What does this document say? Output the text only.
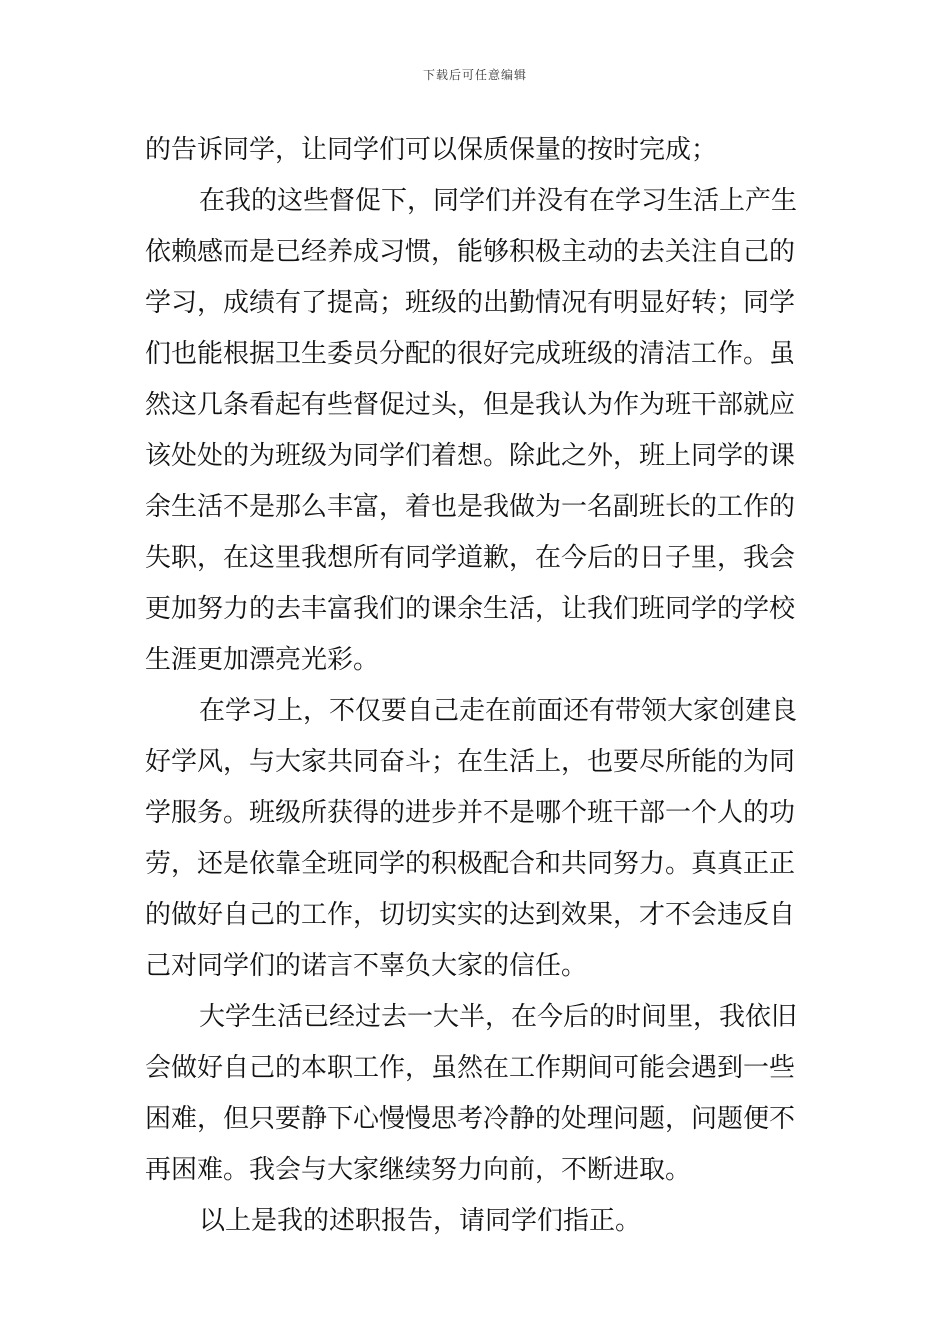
下载后可任意编辑
的告诉同学，让同学们可以保质保量的按时完成；
在我的这些督促下，同学们并没有在学习生活上产生
依赖感而是已经养成习惯，能够积极主动的去关注自己的
学习，成绩有了提高；班级的出勤情况有明显好转；同学
们也能根据卫生委员分配的很好完成班级的清洁工作。虽
然这几条看起有些督促过头，但是我认为作为班干部就应
该处处的为班级为同学们着想。除此之外，班上同学的课
余生活不是那么丰富，着也是我做为一名副班长的工作的
失职，在这里我想所有同学道歉，在今后的日子里，我会
更加努力的去丰富我们的课余生活，让我们班同学的学校
生涯更加漂亮光彩。
在学习上，不仅要自己走在前面还有带领大家创建良
好学风，与大家共同奋斗；在生活上，也要尽所能的为同
学服务。班级所获得的进步并不是哪个班干部一个人的功
劳，还是依靠全班同学的积极配合和共同努力。真真正正
的做好自己的工作，切切实实的达到效果，才不会违反自
己对同学们的诺言不辜负大家的信任。
大学生活已经过去一大半，在今后的时间里，我依旧
会做好自己的本职工作，虽然在工作期间可能会遇到一些
困难，但只要静下心慢慢思考冷静的处理问题，问题便不
再困难。我会与大家继续努力向前，不断进取。
以上是我的述职报告，请同学们指正。
